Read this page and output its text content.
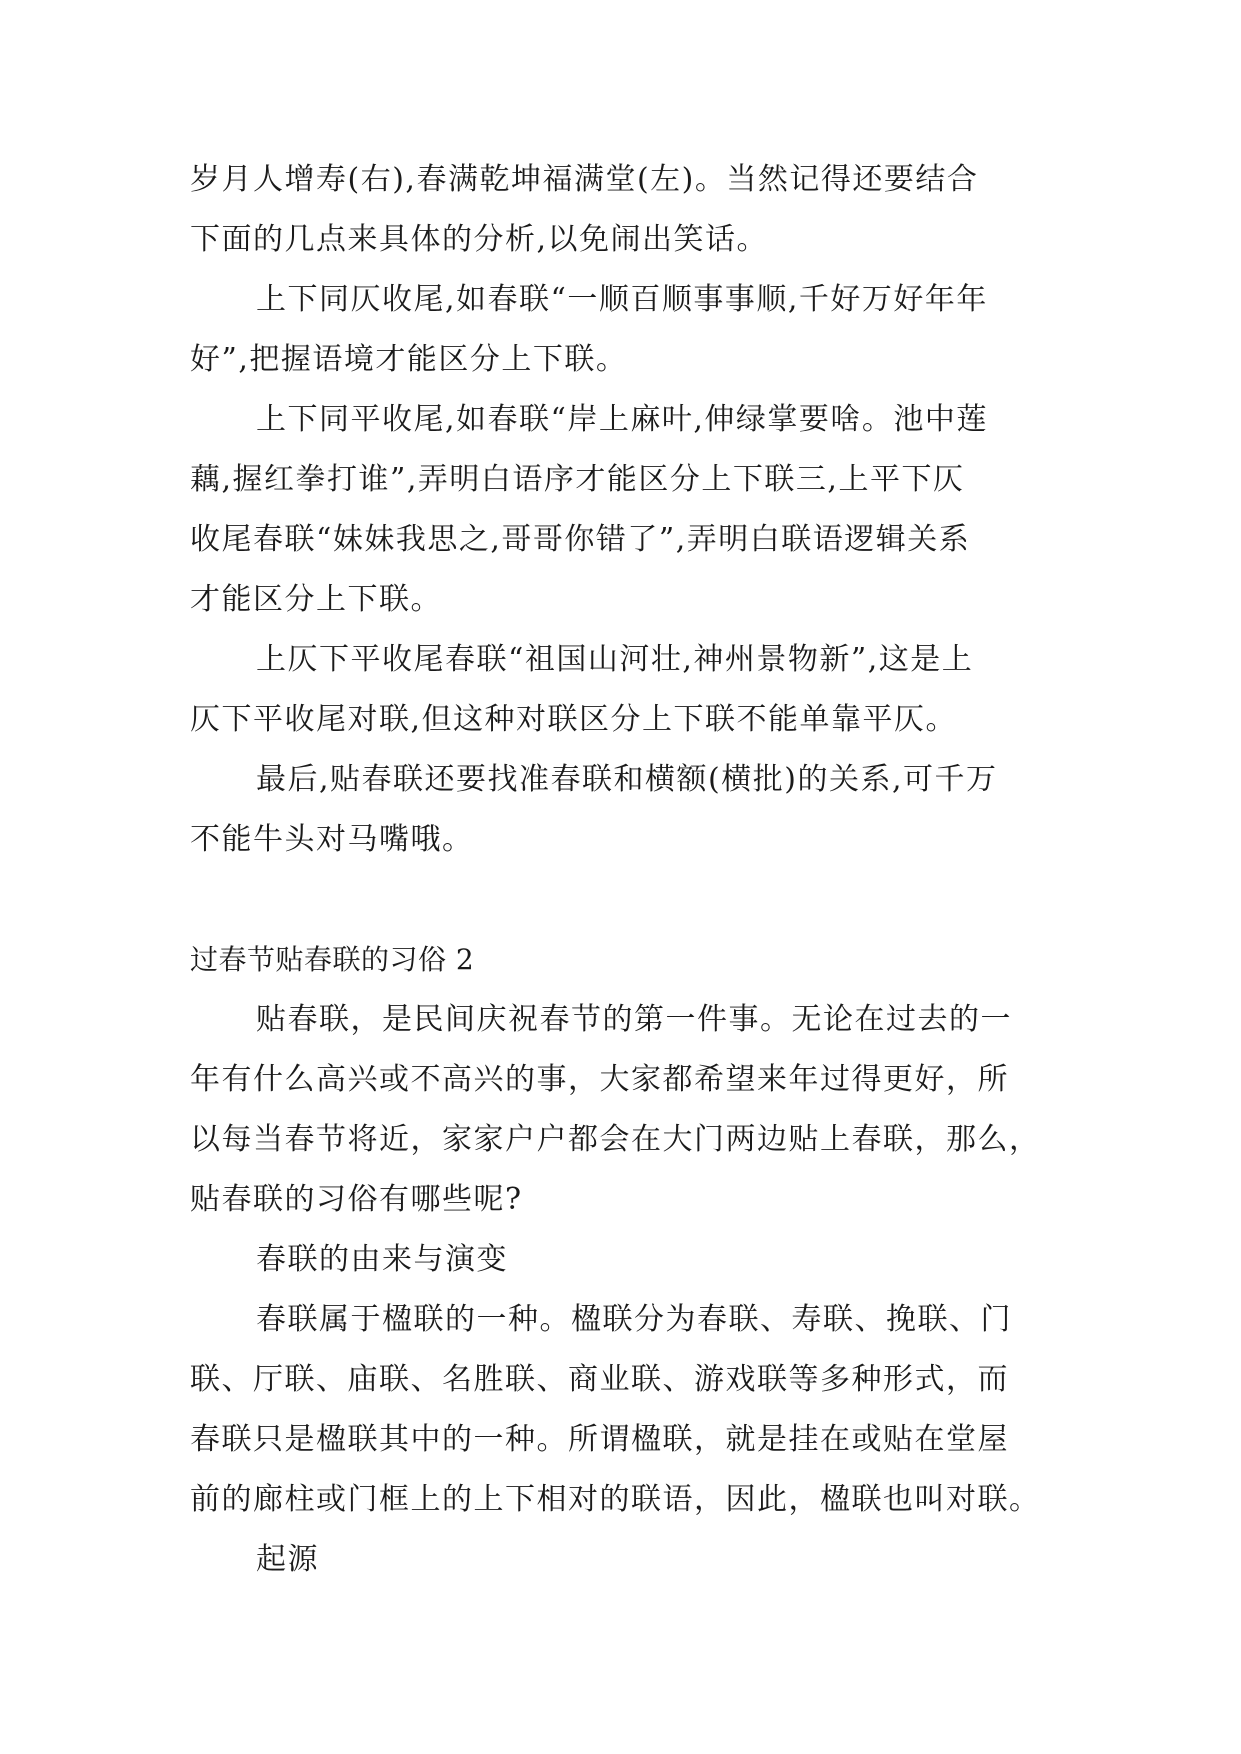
岁月人增寿(右),春满乾坤福满堂(左)。当然记得还要结合
下面的几点来具体的分析,以免闹出笑话。
上下同仄收尾,如春联“一顺百顺事事顺,千好万好年年
好”,把握语境才能区分上下联。
上下同平收尾,如春联“岸上麻叶,伸绿掌要啥。池中莲
藕,握红拳打谁”,弄明白语序才能区分上下联三,上平下仄
收尾春联“妹妹我思之,哥哥你错了”,弄明白联语逻辑关系
才能区分上下联。
上仄下平收尾春联“祖国山河壮,神州景物新”,这是上
仄下平收尾对联,但这种对联区分上下联不能单靠平仄。
最后,贴春联还要找准春联和横额(横批)的关系,可千万
不能牛头对马嘴哦。
过春节贴春联的习俗 2
贴春联，是民间庆祝春节的第一件事。无论在过去的一
年有什么高兴或不高兴的事，大家都希望来年过得更好，所
以每当春节将近，家家户户都会在大门两边贴上春联，那么，
贴春联的习俗有哪些呢?
春联的由来与演变
春联属于楹联的一种。楹联分为春联、寿联、挽联、门
联、厅联、庙联、名胜联、商业联、游戏联等多种形式，而
春联只是楹联其中的一种。所谓楹联，就是挂在或贴在堂屋
前的廊柱或门框上的上下相对的联语，因此，楹联也叫对联。
起源
